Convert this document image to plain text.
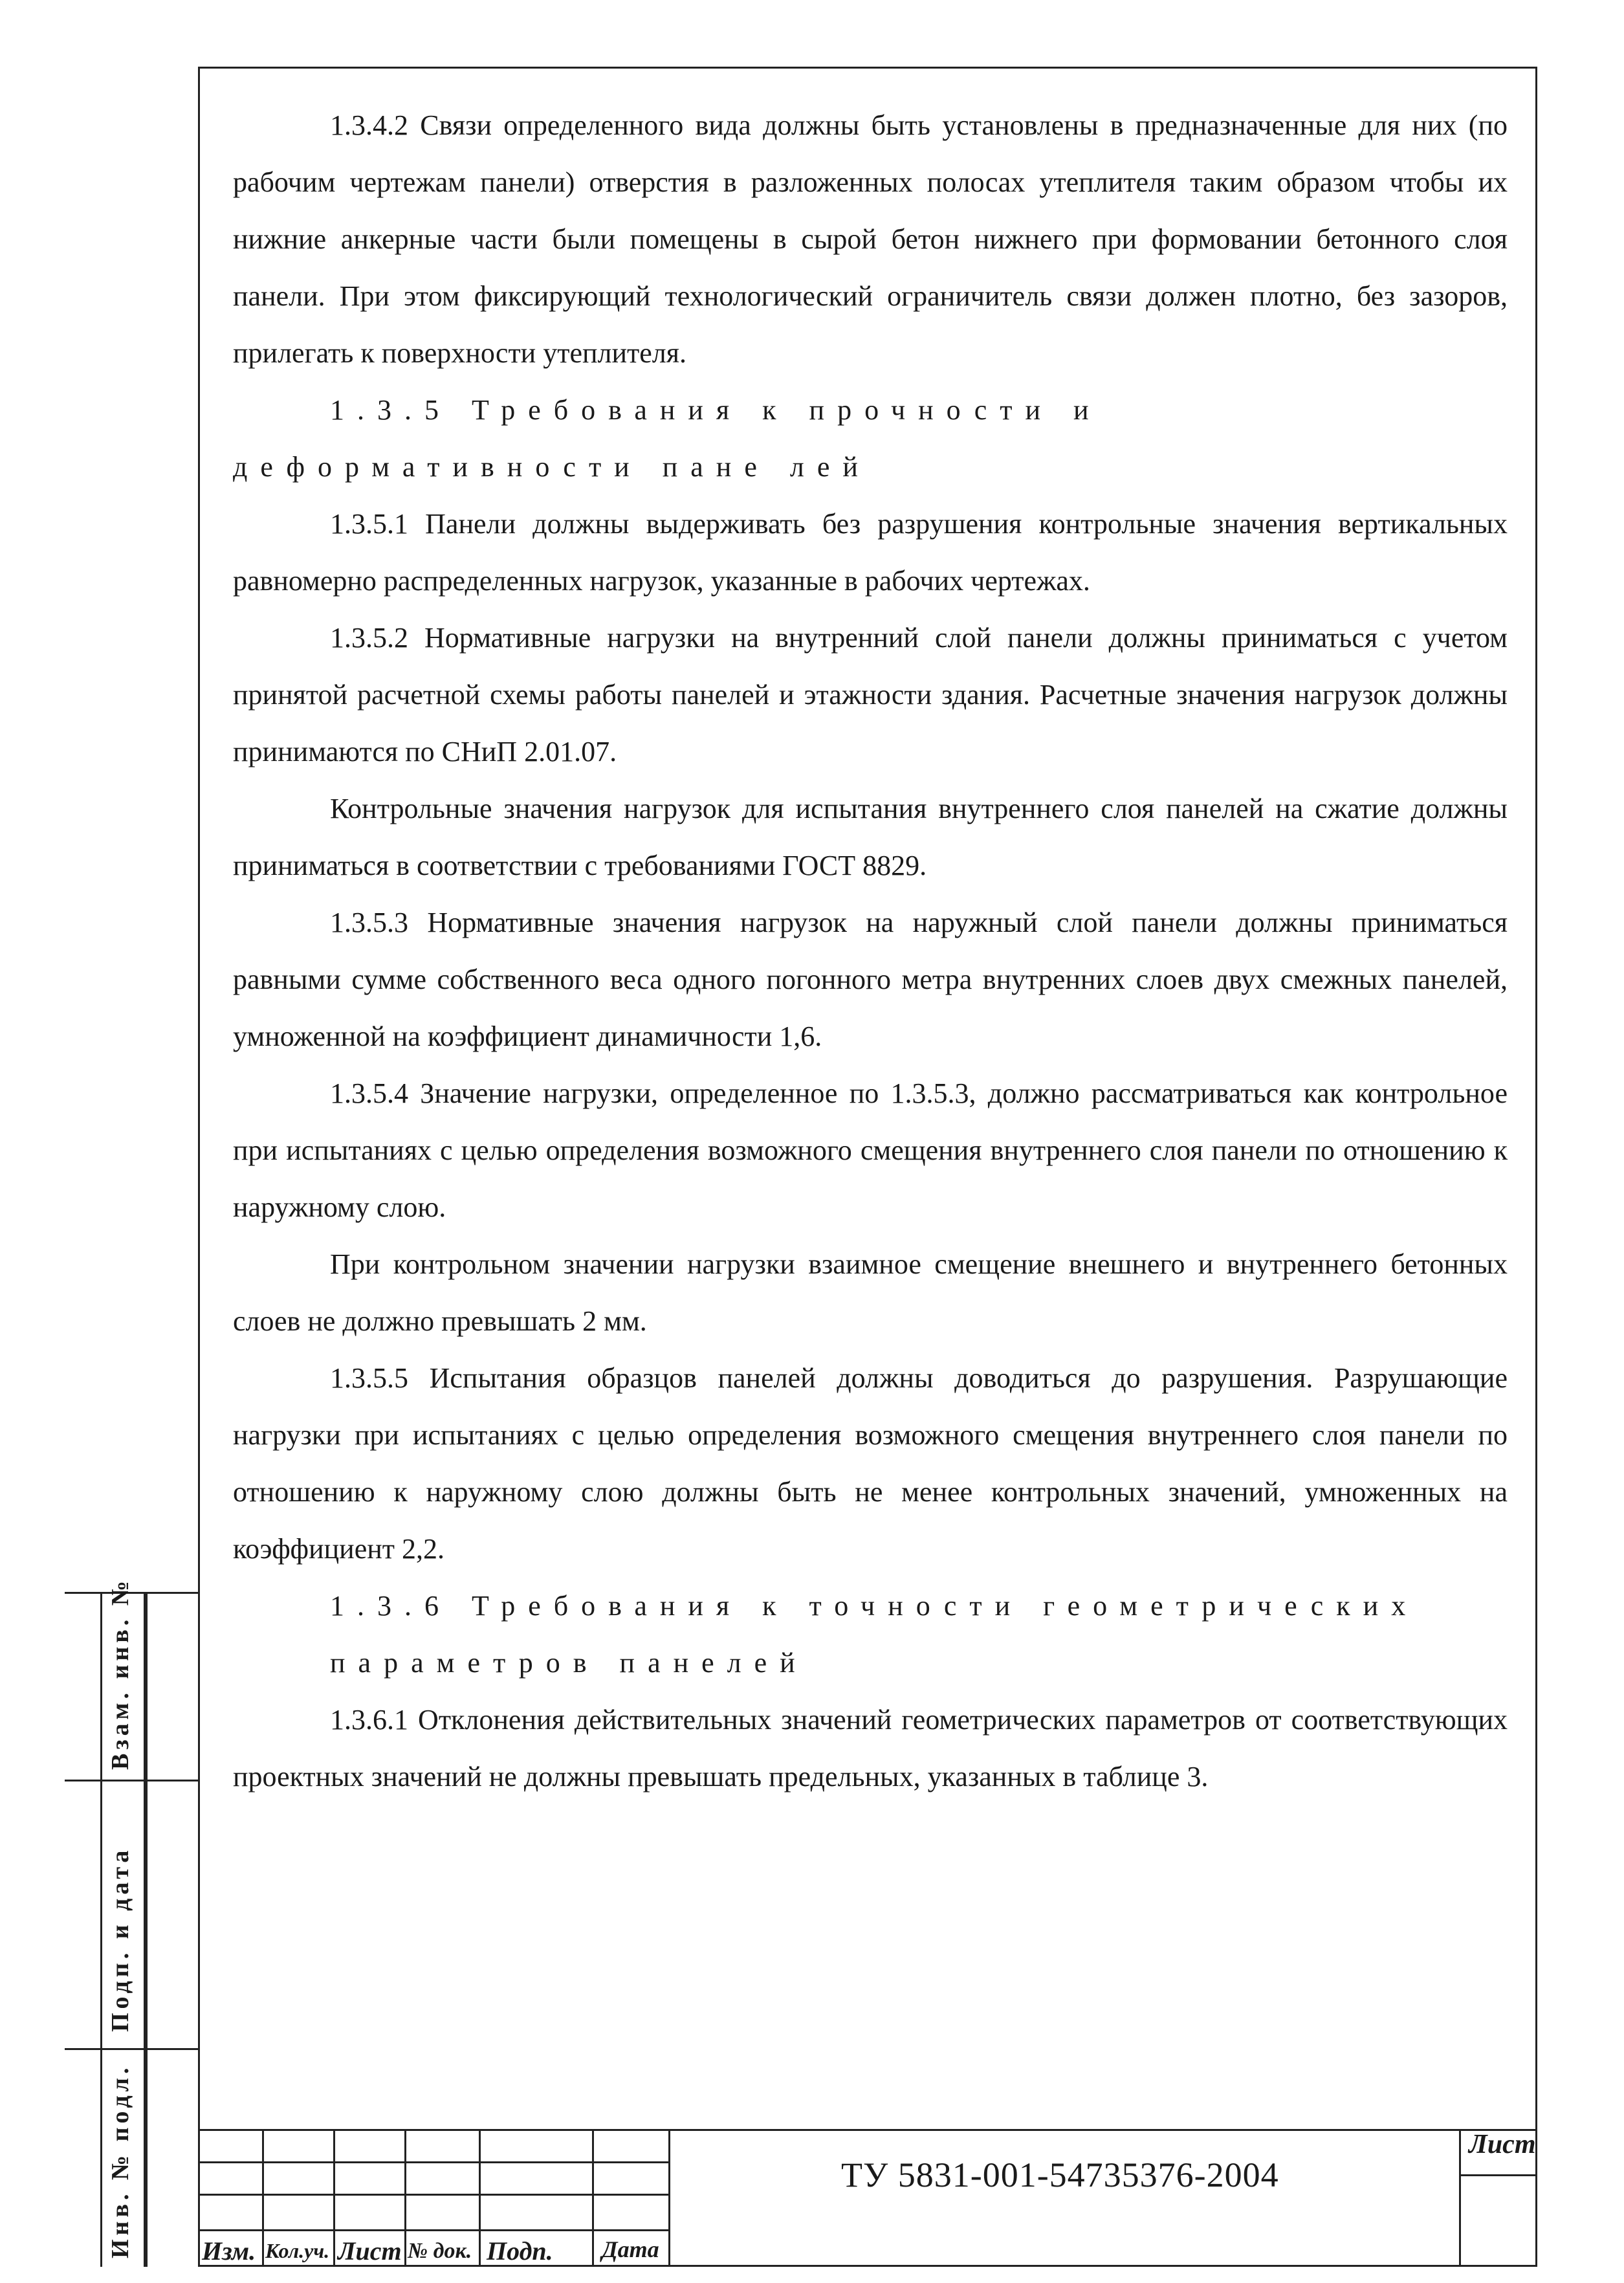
1.3.4.2 Связи определенного вида должны быть установлены в предназначенные для них (по рабочим чертежам панели) отверстия в разложенных полосах утеплителя таким образом чтобы их нижние анкерные части были помещены в сырой бетон нижнего при формовании бетонного слоя панели. При этом фиксирующий технологический ограничитель связи должен плотно, без зазоров, прилегать к поверхности утеплителя.

1.3.5 Требования к прочности и деформативности пане лей

1.3.5.1 Панели должны выдерживать без разрушения контрольные значения вертикальных равномерно распределенных нагрузок, указанные в рабочих чертежах.

1.3.5.2 Нормативные нагрузки на внутренний слой панели должны приниматься с учетом принятой расчетной схемы работы панелей и этажности здания. Расчетные значения нагрузок должны принимаются по СНиП 2.01.07.

Контрольные значения нагрузок для испытания внутреннего слоя панелей на сжатие должны приниматься в соответствии с требованиями ГОСТ 8829.

1.3.5.3 Нормативные значения нагрузок на наружный слой панели должны приниматься равными сумме собственного веса одного погонного метра внутренних слоев двух смежных панелей, умноженной на коэффициент динамичности 1,6.

1.3.5.4 Значение нагрузки, определенное по 1.3.5.3, должно рассматриваться как контрольное при испытаниях с целью определения возможного смещения внутреннего слоя панели по отношению к наружному слою.

При контрольном значении нагрузки взаимное смещение внешнего и внутреннего бетонных слоев не должно превышать 2 мм.

1.3.5.5 Испытания образцов панелей должны доводиться до разрушения. Разрушающие нагрузки при испытаниях с целью определения возможного смещения внутреннего слоя панели по отношению к наружному слою должны быть не менее контрольных значений, умноженных на коэффициент 2,2.

1.3.6 Требования к точности геометрических

параметров панелей

1.3.6.1 Отклонения действительных значений геометрических параметров от соответствующих проектных значений не должны превышать предельных, указанных в таблице 3.

Взам. инв. №
Подп. и дата
Инв. № подл.	ТУ 5831-001-54735376-2004
Лист
Изм. Кол.уч. Лист № док. Подп. Дата
